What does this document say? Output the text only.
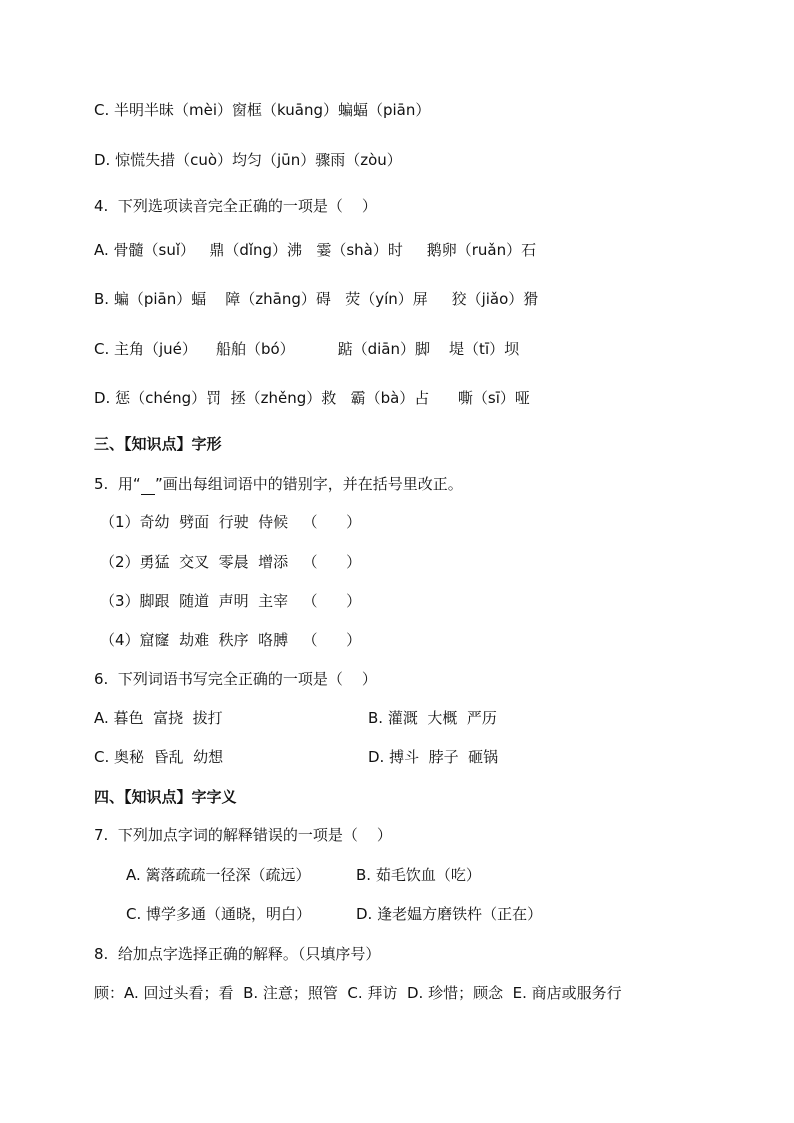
C. 半明半昧（mèi）窗框（kuāng）蝙蝠（piān）
D. 惊慌失措（cuò）均匀（jūn）骤雨（zòu）
4.  下列选项读音完全正确的一项是（    ）
A. 骨髓（suǐ）   鼎（dǐng）沸   霎（shà）时     鹅卵（ruǎn）石
B. 蝙（piān）蝠    障（zhāng）碍   荧（yín）屏     狡（jiǎo）猾
C. 主角（jué）    船舶（bó）         踮（diān）脚    堤（tī）坝
D. 惩（chéng）罚  拯（zhěng）救   霸（bà）占      嘶（sī）哑
三、【知识点】字形
5.  用“ ”画出每组词语中的错别字，并在括号里改正。
（1）奇幼  劈面  行驶  侍候   （      ）
（2）勇猛  交叉  零晨  增添   （      ）
（3）脚跟  随道  声明  主宰   （      ）
（4）窟窿  劫难  秩序  咯膊   （      ）
6.  下列词语书写完全正确的一项是（    ）
A. 暮色  富挠  拔打	B. 灌溉  大概  严历
C. 奥秘  昏乱  幼想	D. 搏斗  脖子  砸锅
四、【知识点】字字义
7.  下列加点字词的解释错误的一项是（    ）
A. 篱落疏疏一径深（疏远）	B. 茹毛饮血（吃）
C. 博学多通（通晓，明白）	D. 逢老媪方磨铁杵（正在）
8.  给加点字选择正确的解释。（只填序号）
顾：A. 回过头看；看  B. 注意；照管  C. 拜访  D. 珍惜；顾念  E. 商店或服务行
